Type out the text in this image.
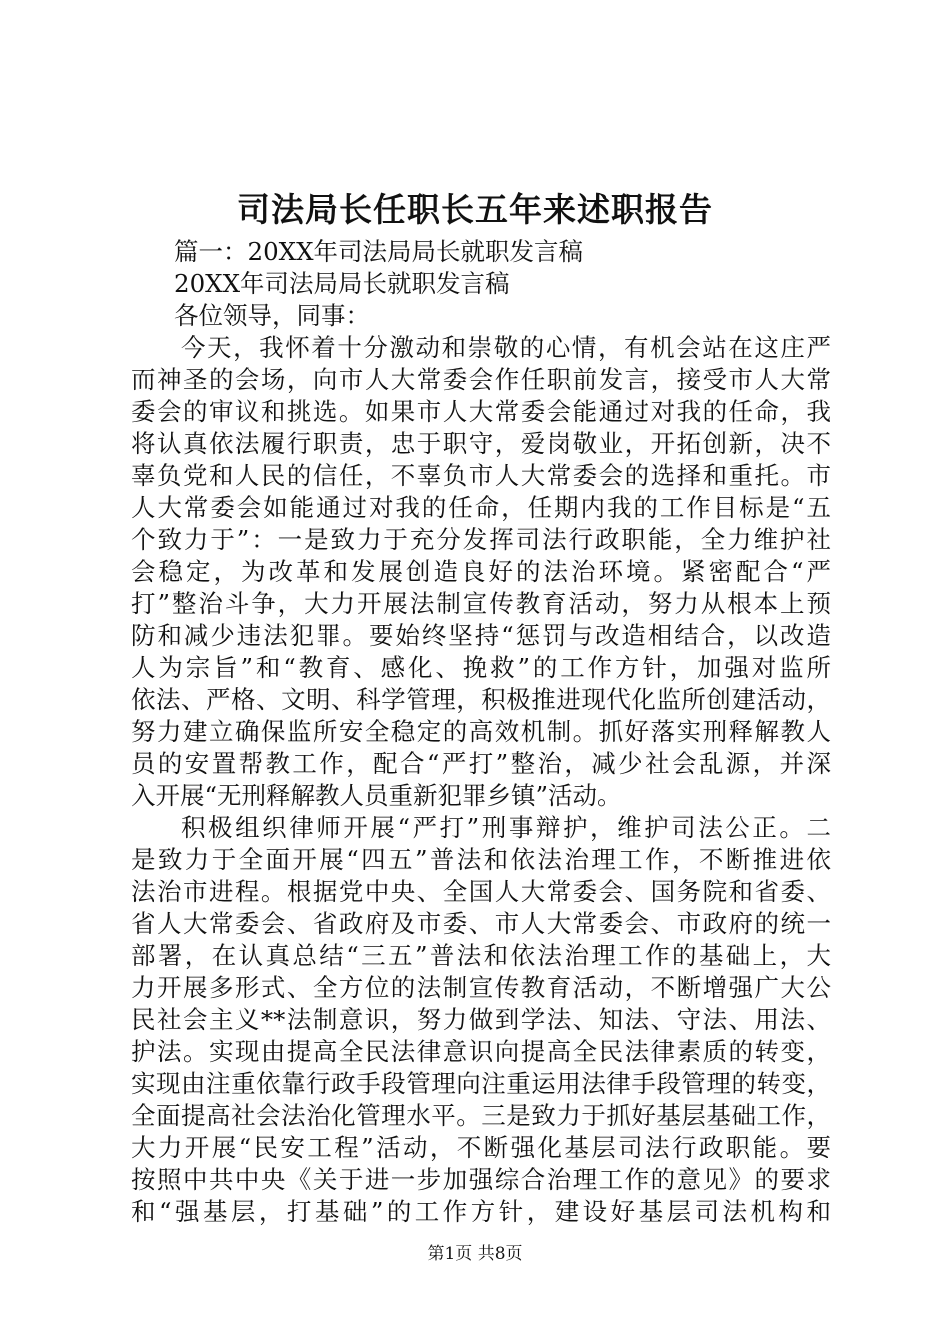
司法局长任职长五年来述职报告

篇一：20XX年司法局局长就职发言稿

20XX年司法局局长就职发言稿

各位领导，同事：

今天，我怀着十分激动和崇敬的心情，有机会站在这庄严

而神圣的会场，向市人大常委会作任职前发言，接受市人大常

委会的审议和挑选。如果市人大常委会能通过对我的任命，我

将认真依法履行职责，忠于职守，爱岗敬业，开拓创新，决不

辜负党和人民的信任，不辜负市人大常委会的选择和重托。市

人大常委会如能通过对我的任命，任期内我的工作目标是“五

个致力于”：一是致力于充分发挥司法行政职能，全力维护社

会稳定，为改革和发展创造良好的法治环境。紧密配合“严

打”整治斗争，大力开展法制宣传教育活动，努力从根本上预

防和减少违法犯罪。要始终坚持“惩罚与改造相结合，以改造

人为宗旨”和“教育、感化、挽救”的工作方针，加强对监所

依法、严格、文明、科学管理，积极推进现代化监所创建活动，

努力建立确保监所安全稳定的高效机制。抓好落实刑释解教人

员的安置帮教工作，配合“严打”整治，减少社会乱源，并深

入开展“无刑释解教人员重新犯罪乡镇”活动。

积极组织律师开展“严打”刑事辩护，维护司法公正。二

是致力于全面开展“四五”普法和依法治理工作，不断推进依

法治市进程。根据党中央、全国人大常委会、国务院和省委、

省人大常委会、省政府及市委、市人大常委会、市政府的统一

部署，在认真总结“三五”普法和依法治理工作的基础上，大

力开展多形式、全方位的法制宣传教育活动，不断增强广大公

民社会主义**法制意识，努力做到学法、知法、守法、用法、

护法。实现由提高全民法律意识向提高全民法律素质的转变，

实现由注重依靠行政手段管理向注重运用法律手段管理的转变，

全面提高社会法治化管理水平。三是致力于抓好基层基础工作，

大力开展“民安工程”活动，不断强化基层司法行政职能。要

按照中共中央《关于进一步加强综合治理工作的意见》的要求

和“强基层，打基础”的工作方针，建设好基层司法机构和

第1页 共8页
